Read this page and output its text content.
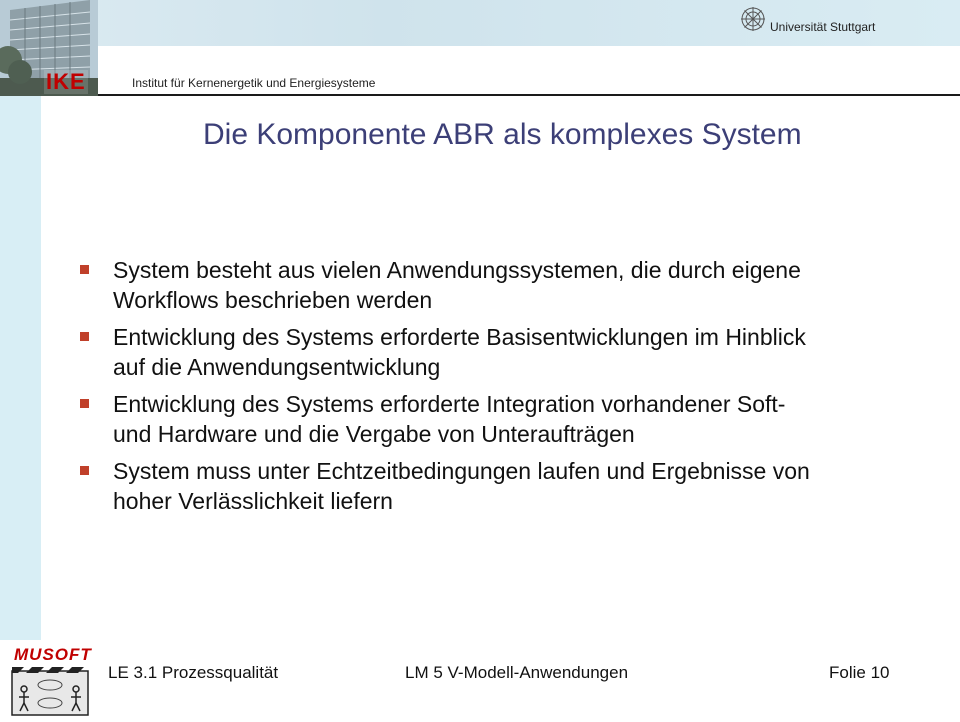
IKE	Institut für Kernenergetik und Energiesysteme
Universität Stuttgart
Die Komponente ABR als komplexes System
System besteht aus vielen Anwendungssystemen, die durch eigene
Workflows beschrieben werden
Entwicklung des Systems erforderte Basisentwicklungen im Hinblick
auf die Anwendungsentwicklung
Entwicklung des Systems erforderte Integration vorhandener Soft-
und Hardware und die Vergabe von Unteraufträgen
System muss unter Echtzeitbedingungen laufen und Ergebnisse von
hoher Verlässlichkeit liefern
MUSOFT
LE 3.1 Prozessqualität	LM 5 V-Modell-Anwendungen	Folie 10
